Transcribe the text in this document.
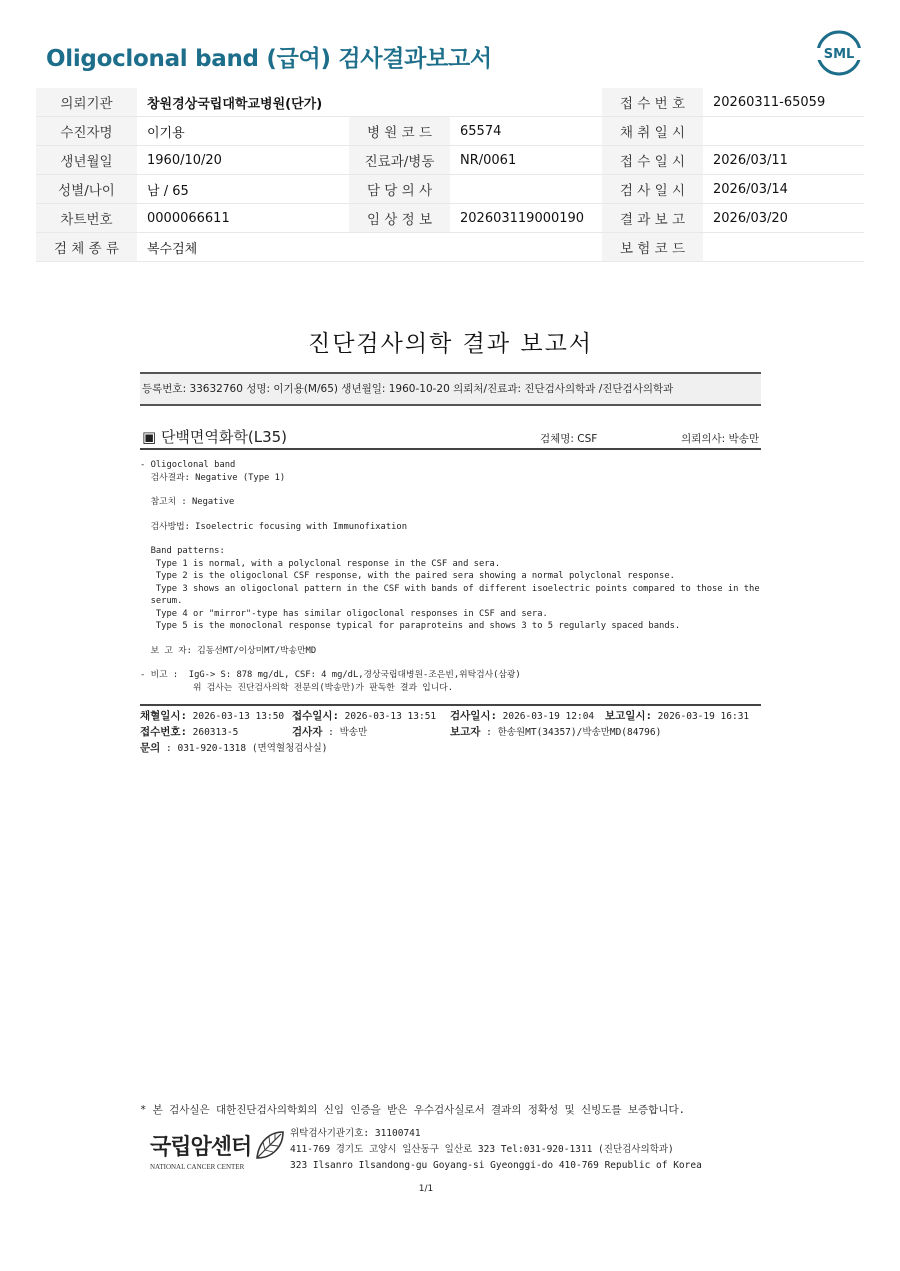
Oligoclonal band (급여) 검사결과보고서	SML
의뢰기관	창원경상국립대학교병원(단가)			접 수 번 호	20260311-65059
수진자명	이기용	병 원 코 드	65574	채 취 일 시	
생년월일	1960/10/20	진료과/병동	NR/0061	접 수 일 시	2026/03/11
성별/나이	남 / 65	담 당 의 사		검 사 일 시	2026/03/14
차트번호	0000066611	임 상 정 보	202603119000190	결 과 보 고	2026/03/20
검 체 종 류	복수검체			보 험 코 드	
진단검사의학 결과 보고서
등록번호: 33632760 성명: 이기용(M/65) 생년월일: 1960-10-20 의뢰처/진료과: 진단검사의학과 /진단검사의학과
▣ 단백면역화학(L35)	검체명: CSF	의뢰의사: 박송만
- Oligoclonal band
검사결과: Negative (Type 1)
참고치 : Negative
검사방법: Isoelectric focusing with Immunofixation
Band patterns:
Type 1 is normal, with a polyclonal response in the CSF and sera.
Type 2 is the oligoclonal CSF response, with the paired sera showing a normal polyclonal response.
Type 3 shows an oligoclonal pattern in the CSF with bands of different isoelectric points compared to those in the
serum.
Type 4 or "mirror"-type has similar oligoclonal responses in CSF and sera.
Type 5 is the monoclonal response typical for paraproteins and shows 3 to 5 regularly spaced bands.
보 고 자: 김동선MT/이상미MT/박송만MD
- 비고 :  IgG-> S: 878 mg/dL, CSF: 4 mg/dL,경상국립대병원-조은빈,위탁검사(삼광)
위 검사는 진단검사의학 전문의(박송만)가 판독한 결과 입니다.
채혈일시: 2026-03-13 13:50 접수일시: 2026-03-13 13:51 검사일시: 2026-03-19 12:04 보고일시: 2026-03-19 16:31
접수번호: 260313-5	검사자 : 박송만	보고자 : 한송원MT(34357)/박송만MD(84796)
문의 : 031-920-1318 (면역혈청검사실)
* 본 검사실은 대한진단검사의학회의 신임 인증을 받은 우수검사실로서 결과의 정확성 및 신빙도를 보증합니다.
국립암센터
NATIONAL CANCER CENTER
위탁검사기관기호: 31100741
411-769 경기도 고양시 일산동구 일산로 323 Tel:031-920-1311 (진단검사의학과)
323 Ilsanro Ilsandong-gu Goyang-si Gyeonggi-do 410-769 Republic of Korea
1/1
